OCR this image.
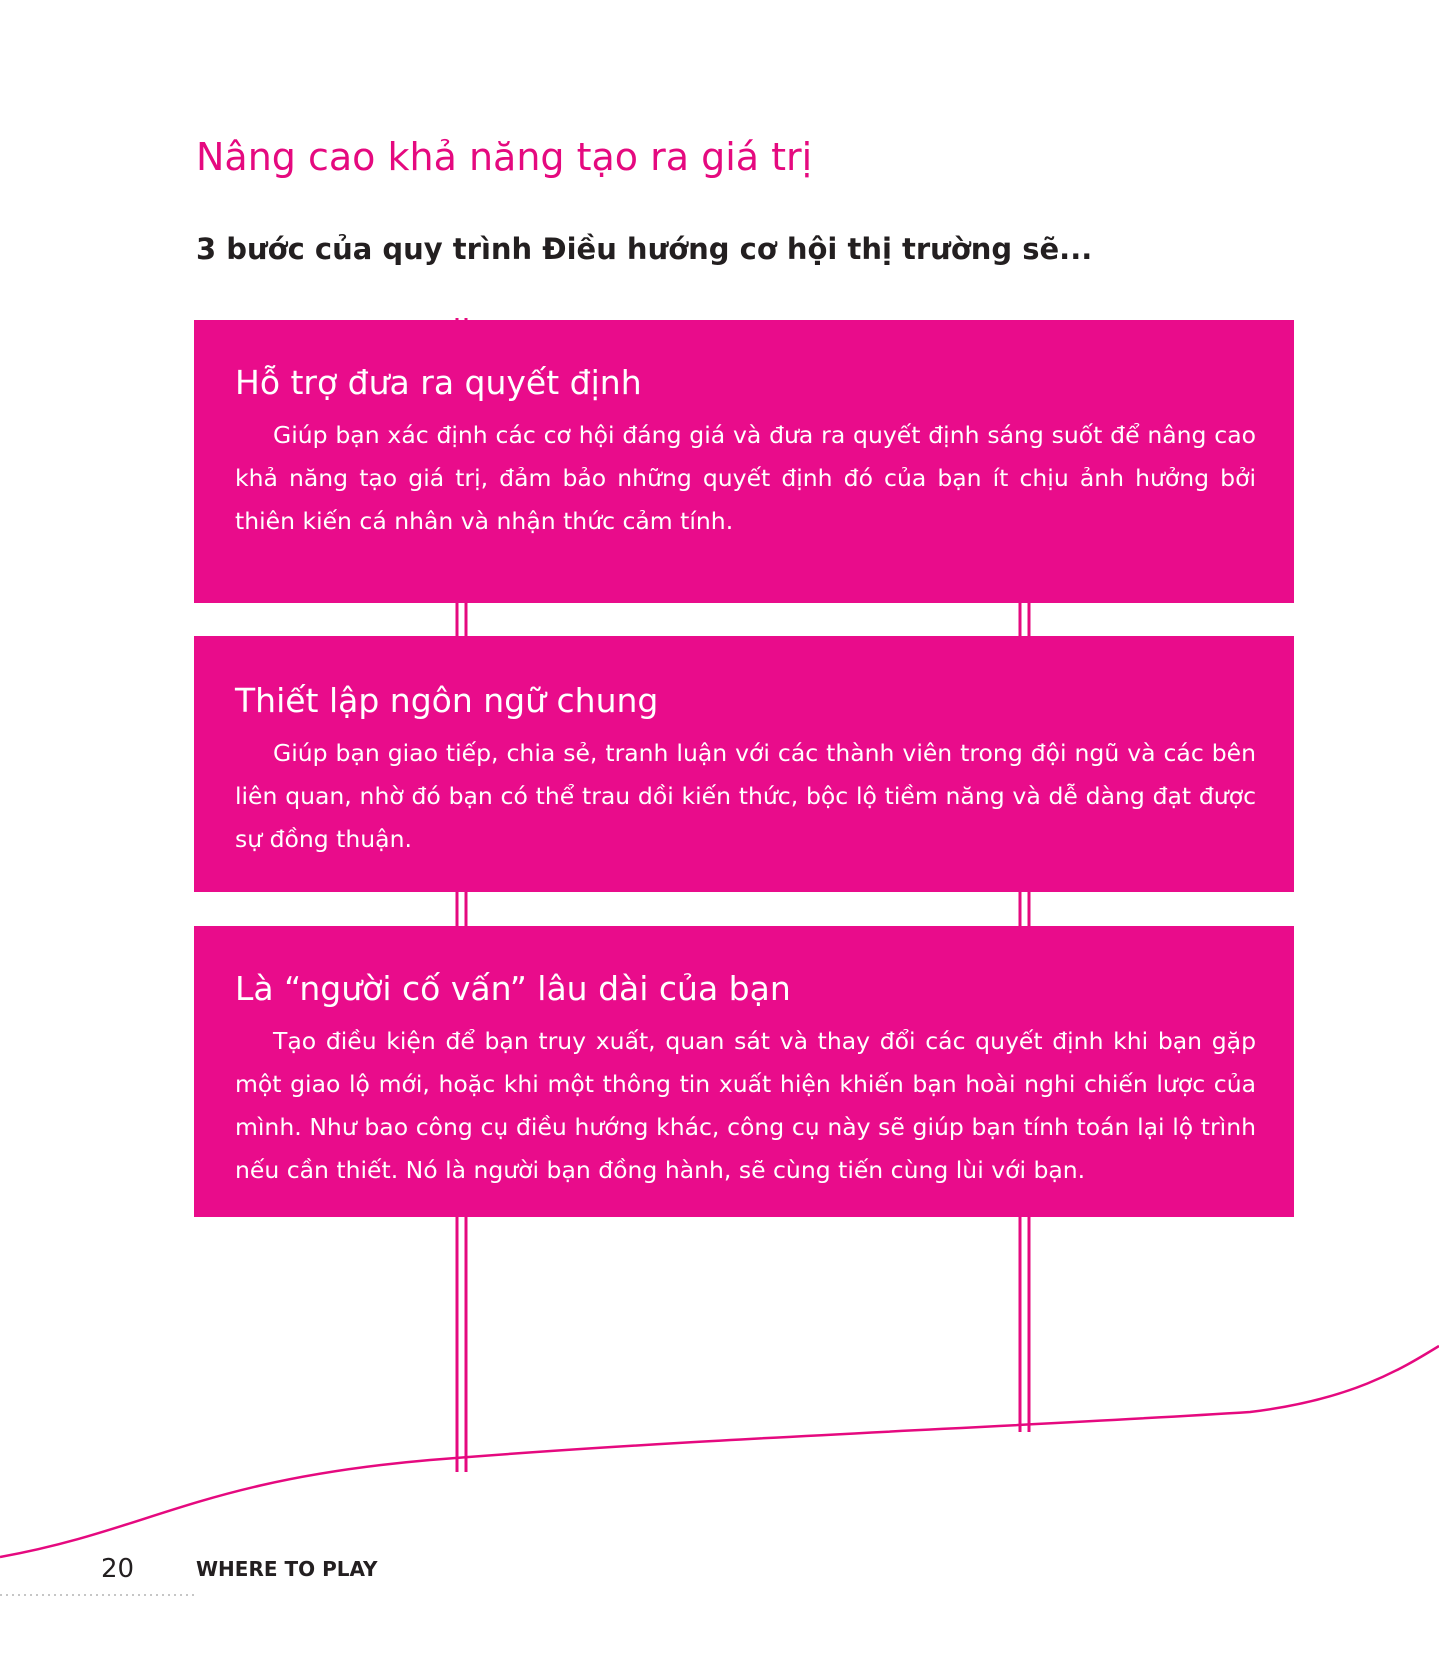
Nâng cao khả năng tạo ra giá trị
3 bước của quy trình Điều hướng cơ hội thị trường sẽ...
Hỗ trợ đưa ra quyết định

Giúp bạn xác định các cơ hội đáng giá và đưa ra quyết định sáng suốt để nâng cao khả năng tạo giá trị, đảm bảo những quyết định đó của bạn ít chịu ảnh hưởng bởi thiên kiến cá nhân và nhận thức cảm tính.

Thiết lập ngôn ngữ chung

Giúp bạn giao tiếp, chia sẻ, tranh luận với các thành viên trong đội ngũ và các bên liên quan, nhờ đó bạn có thể trau dồi kiến thức, bộc lộ tiềm năng và dễ dàng đạt được sự đồng thuận.

Là “người cố vấn” lâu dài của bạn

Tạo điều kiện để bạn truy xuất, quan sát và thay đổi các quyết định khi bạn gặp một giao lộ mới, hoặc khi một thông tin xuất hiện khiến bạn hoài nghi chiến lược của mình. Như bao công cụ điều hướng khác, công cụ này sẽ giúp bạn tính toán lại lộ trình nếu cần thiết. Nó là người bạn đồng hành, sẽ cùng tiến cùng lùi với bạn.

20	WHERE TO PLAY
